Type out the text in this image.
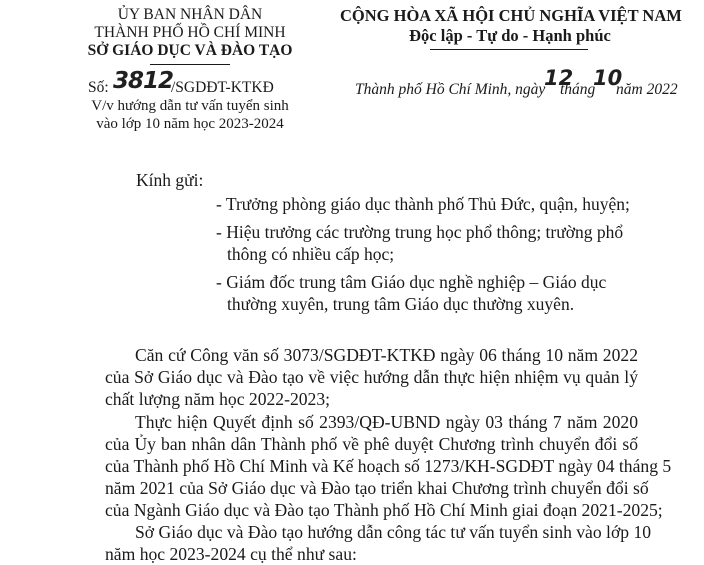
ỦY BAN NHÂN DÂN
THÀNH PHỐ HỒ CHÍ MINH
SỞ GIÁO DỤC VÀ ĐÀO TẠO
Số: 3812
/SGDĐT-KTKĐ
V/v hướng dẫn tư vấn tuyển sinh
vào lớp 10 năm học 2023-2024
CỘNG HÒA XÃ HỘI CHỦ NGHĨA VIỆT NAM
Độc lập - Tự do - Hạnh phúc
Thành phố Hồ Chí Minh, ngày
12
tháng
10
năm 2022
Kính gửi:
- Trưởng phòng giáo dục thành phố Thủ Đức, quận, huyện;
- Hiệu trưởng các trường trung học phổ thông; trường phổ
thông có nhiều cấp học;
- Giám đốc trung tâm Giáo dục nghề nghiệp – Giáo dục
thường xuyên, trung tâm Giáo dục thường xuyên.
Căn cứ Công văn số 3073/SGDĐT-KTKĐ ngày 06 tháng 10 năm 2022
của Sở Giáo dục và Đào tạo về việc hướng dẫn thực hiện nhiệm vụ quản lý
chất lượng năm học 2022-2023;
Thực hiện Quyết định số 2393/QĐ-UBND ngày 03 tháng 7 năm 2020
của Ủy ban nhân dân Thành phố về phê duyệt Chương trình chuyển đổi số
của Thành phố Hồ Chí Minh và Kế hoạch số 1273/KH-SGDĐT ngày 04 tháng 5
năm 2021 của Sở Giáo dục và Đào tạo triển khai Chương trình chuyển đổi số
của Ngành Giáo dục và Đào tạo Thành phố Hồ Chí Minh giai đoạn 2021-2025;
Sở Giáo dục và Đào tạo hướng dẫn công tác tư vấn tuyển sinh vào lớp 10
năm học 2023-2024 cụ thể như sau:
